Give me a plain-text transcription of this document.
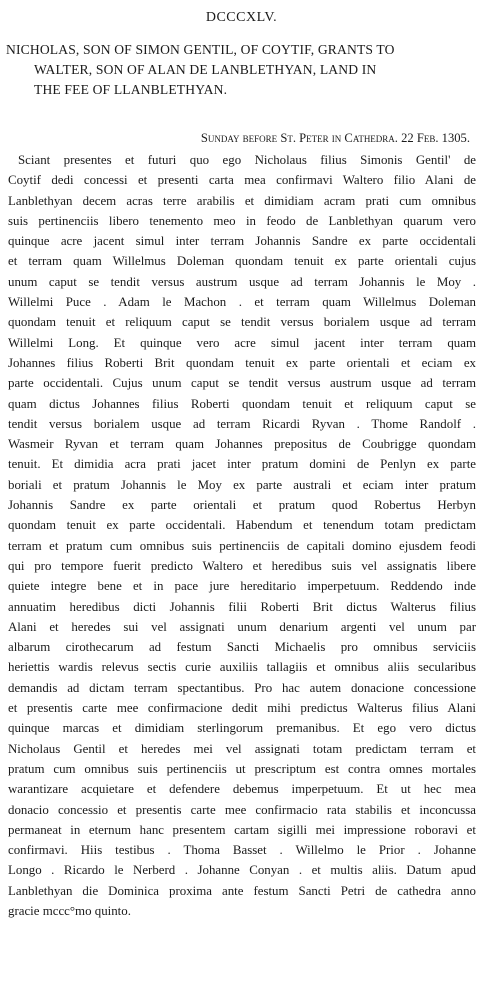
DCCCXLV.
NICHOLAS, SON OF SIMON GENTIL, OF COYTIF, GRANTS TO
WALTER, SON OF ALAN DE LANBLETHYAN, LAND IN
THE FEE OF LLANBLETHYAN.
Sunday before St. Peter in Cathedra. 22 Feb. 1305.
Sciant presentes et futuri quo ego Nicholaus filius Simonis Gentil' de
Coytif dedi concessi et presenti carta mea confirmavi Waltero filio Alani de
Lanblethyan decem acras terre arabilis et dimidiam acram prati cum omnibus
suis pertinenciis libero tenemento meo in feodo de Lanblethyan quarum vero
quinque acre jacent simul inter terram Johannis Sandre ex parte occidentali
et terram quam Willelmus Doleman quondam tenuit ex parte orientali cujus
unum caput se tendit versus austrum usque ad terram Johannis le Moy .
Willelmi Puce . Adam le Machon . et terram quam Willelmus Doleman
quondam tenuit et reliquum caput se tendit versus borialem usque ad terram
Willelmi Long. Et quinque vero acre simul jacent inter terram quam
Johannes filius Roberti Brit quondam tenuit ex parte orientali et eciam ex
parte occidentali. Cujus unum caput se tendit versus austrum usque ad terram
quam dictus Johannes filius Roberti quondam tenuit et reliquum caput se
tendit versus borialem usque ad terram Ricardi Ryvan . Thome Randolf .
Wasmeir Ryvan et terram quam Johannes prepositus de Coubrigge quondam
tenuit. Et dimidia acra prati jacet inter pratum domini de Penlyn ex parte
boriali et pratum Johannis le Moy ex parte australi et eciam inter pratum
Johannis Sandre ex parte orientali et pratum quod Robertus Herbyn
quondam tenuit ex parte occidentali. Habendum et tenendum totam predictam
terram et pratum cum omnibus suis pertinenciis de capitali domino ejusdem feodi
qui pro tempore fuerit predicto Waltero et heredibus suis vel assignatis libere
quiete integre bene et in pace jure hereditario imperpetuum. Reddendo inde
annuatim heredibus dicti Johannis filii Roberti Brit dictus Walterus filius
Alani et heredes sui vel assignati unum denarium argenti vel unum par
albarum cirothecarum ad festum Sancti Michaelis pro omnibus serviciis
heriettis wardis relevus sectis curie auxiliis tallagiis et omnibus aliis secularibus
demandis ad dictam terram spectantibus. Pro hac autem donacione concessione
et presentis carte mee confirmacione dedit mihi predictus Walterus filius Alani
quinque marcas et dimidiam sterlingorum premanibus. Et ego vero dictus
Nicholaus Gentil et heredes mei vel assignati totam predictam terram et
pratum cum omnibus suis pertinenciis ut prescriptum est contra omnes mortales
warantizare acquietare et defendere debemus imperpetuum. Et ut hec mea
donacio concessio et presentis carte mee confirmacio rata stabilis et inconcussa
permaneat in eternum hanc presentem cartam sigilli mei impressione roboravi et
confirmavi. Hiis testibus . Thoma Basset . Willelmo le Prior . Johanne
Longo . Ricardo le Nerberd . Johanne Conyan . et multis aliis. Datum apud
Lanblethyan die Dominica proxima ante festum Sancti Petri de cathedra anno
gracie mccc°mo quinto.
